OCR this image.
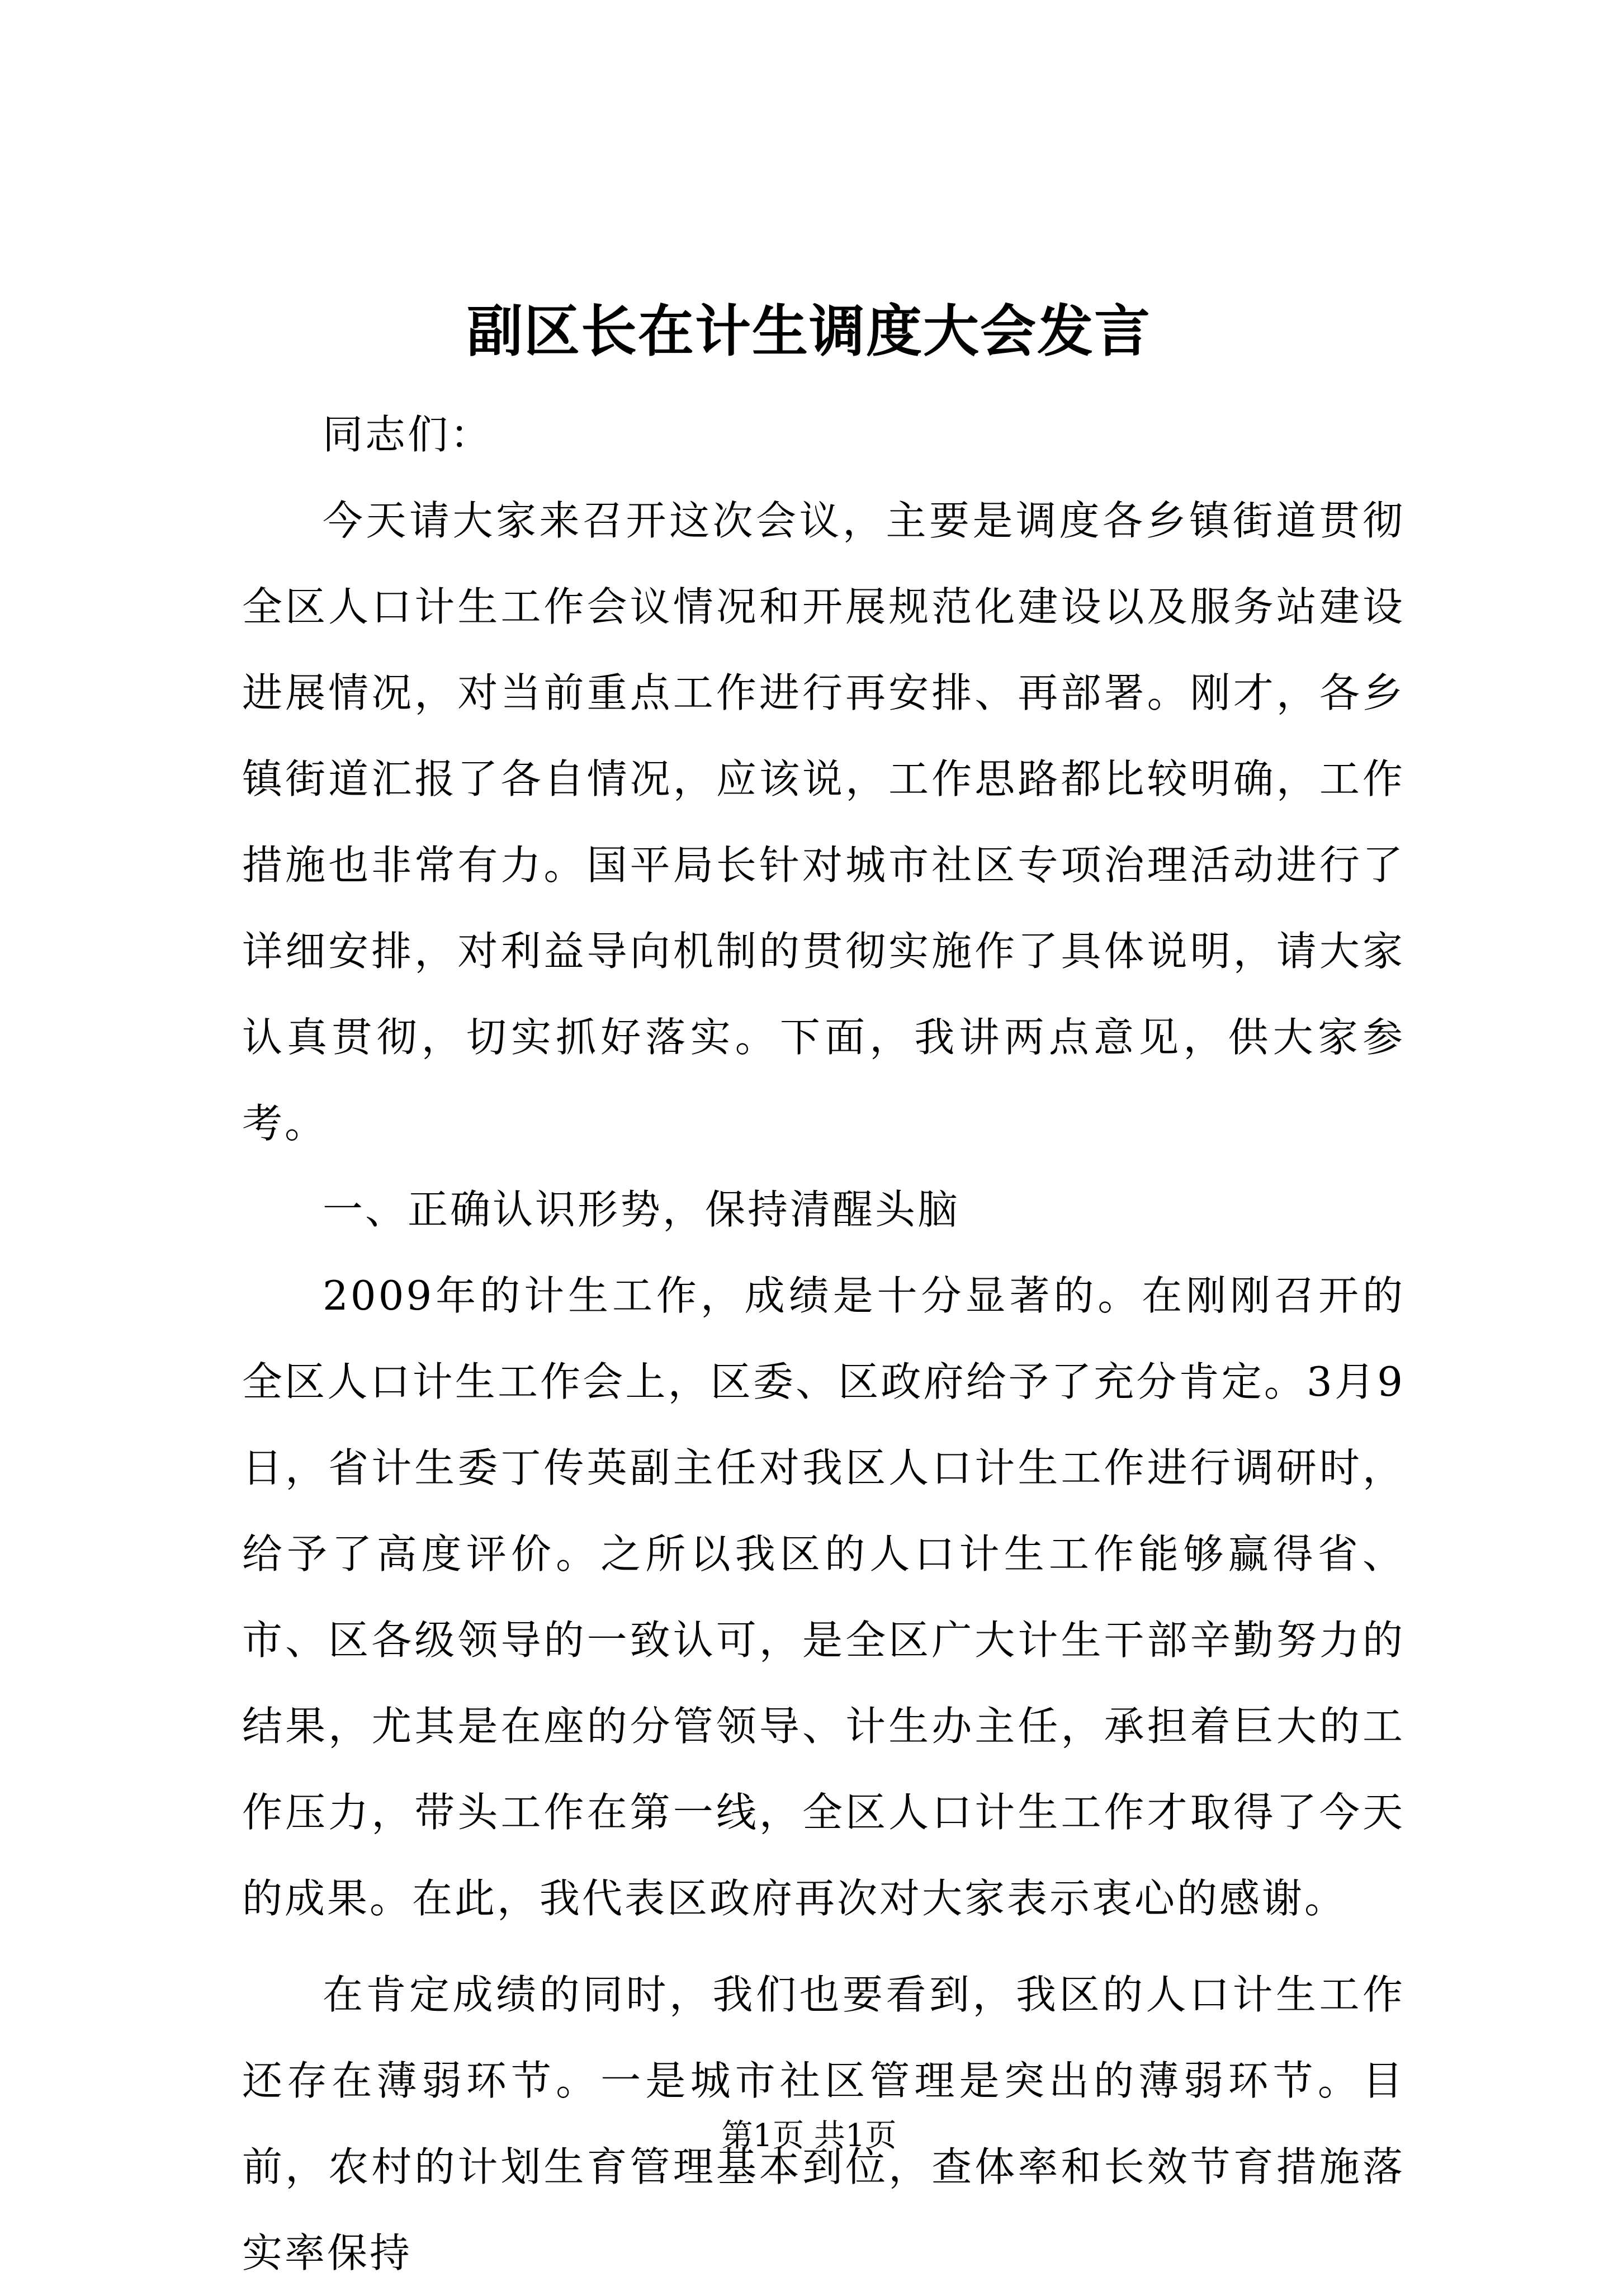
副区长在计生调度大会发言

同志们：

今天请大家来召开这次会议，主要是调度各乡镇街道贯彻全区人口计生工作会议情况和开展规范化建设以及服务站建设进展情况，对当前重点工作进行再安排、再部署。刚才，各乡镇街道汇报了各自情况，应该说，工作思路都比较明确，工作措施也非常有力。国平局长针对城市社区专项治理活动进行了详细安排，对利益导向机制的贯彻实施作了具体说明，请大家认真贯彻，切实抓好落实。下面，我讲两点意见，供大家参考。

一、正确认识形势，保持清醒头脑

2009年的计生工作，成绩是十分显著的。在刚刚召开的全区人口计生工作会上，区委、区政府给予了充分肯定。3月9日，省计生委丁传英副主任对我区人口计生工作进行调研时，给予了高度评价。之所以我区的人口计生工作能够赢得省、市、区各级领导的一致认可，是全区广大计生干部辛勤努力的结果，尤其是在座的分管领导、计生办主任，承担着巨大的工作压力，带头工作在第一线，全区人口计生工作才取得了今天的成果。在此，我代表区政府再次对大家表示衷心的感谢。

在肯定成绩的同时，我们也要看到，我区的人口计生工作还存在薄弱环节。一是城市社区管理是突出的薄弱环节。目前，农村的计划生育管理基本到位，查体率和长效节育措施落实率保持

第1页 共1页
